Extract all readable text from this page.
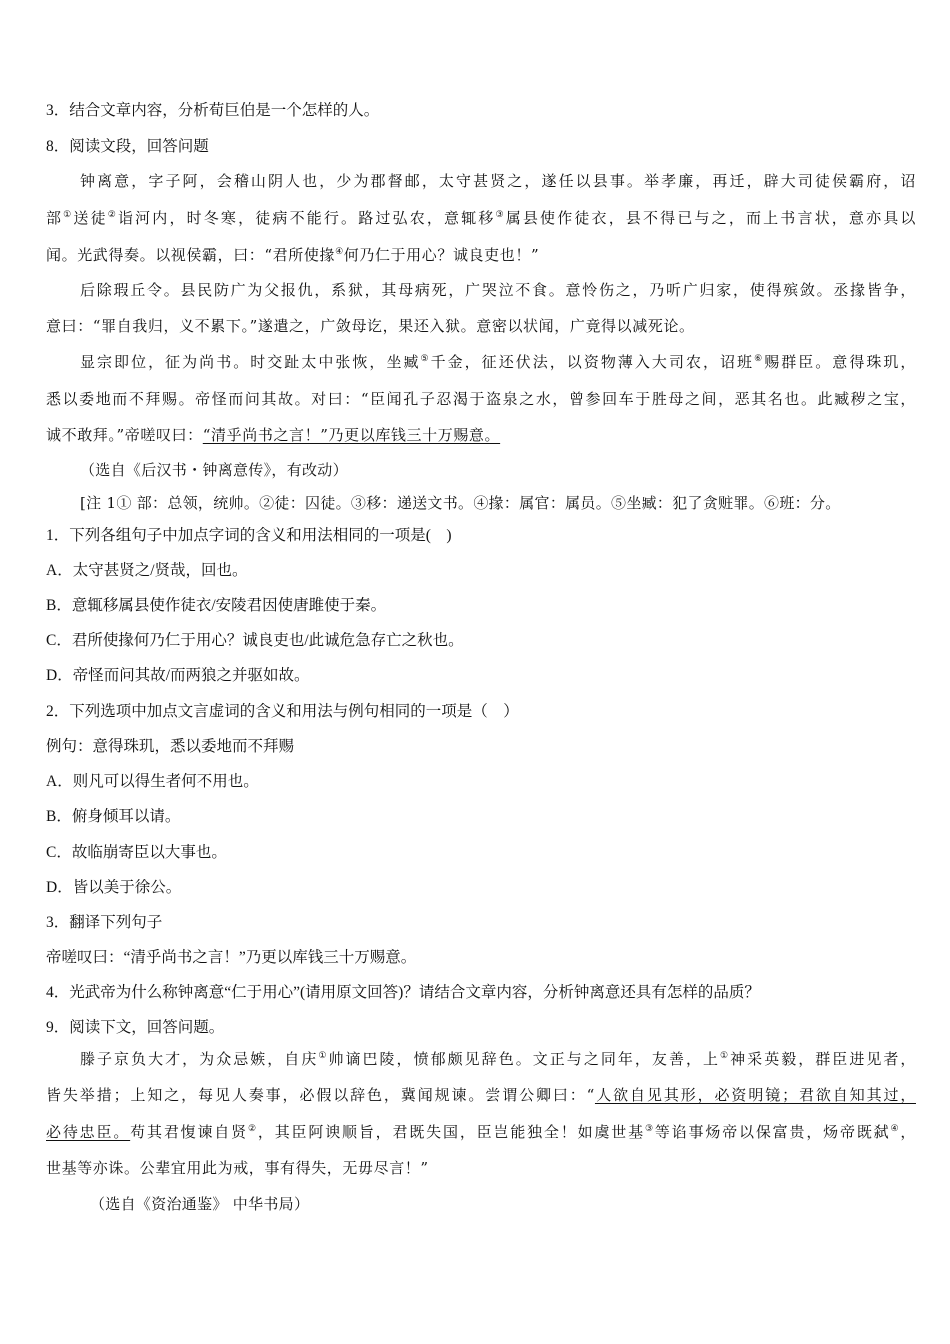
3．结合文章内容，分析荀巨伯是一个怎样的人。
8．阅读文段，回答问题
钟离意，字子阿，会稽山阴人也，少为郡督邮，太守甚贤之，遂任以县事。举孝廉，再迁，辟大司徒侯霸府，诏
部①送徒②诣河内，时冬寒，徒病不能行。路过弘农，意辄移③属县使作徒衣，县不得已与之，而上书言状，意亦具以
闻。光武得奏。以视侯霸，曰：“君所使掾④何乃仁于用心？诚良吏也！”
后除瑕丘令。县民防广为父报仇，系狱，其母病死，广哭泣不食。意怜伤之，乃听广归家，使得殡敛。丞掾皆争，
意曰：“罪自我归，义不累下。”遂遣之，广敛母讫，果还入狱。意密以状闻，广竟得以减死论。
显宗即位，征为尚书。时交趾太中张恢，坐臧⑤千金，征还伏法，以资物薄入大司农，诏班⑥赐群臣。意得珠玑，
悉以委地而不拜赐。帝怪而问其故。对曰：“臣闻孔子忍渴于盗泉之水，曾参回车于胜母之间，恶其名也。此臧秽之宝，
诚不敢拜。”帝嗟叹曰：“清乎尚书之言！”乃更以库钱三十万赐意。
（选自《后汉书・钟离意传》，有改动）
[注 1① 部：总领，统帅。②徒：囚徒。③移：递送文书。④掾：属官：属员。⑤坐臧：犯了贪赃罪。⑥班：分。
1．下列各组句子中加点字词的含义和用法相同的一项是(　)
A．太守甚贤之/贤哉，回也。
B．意辄移属县使作徒衣/安陵君因使唐雎使于秦。
C．君所使掾何乃仁于用心？诚良吏也/此诚危急存亡之秋也。
D．帝怪而问其故/而两狼之并驱如故。
2．下列选项中加点文言虚词的含义和用法与例句相同的一项是（　）
例句：意得珠玑，悉以委地而不拜赐
A．则凡可以得生者何不用也。
B．俯身倾耳以请。
C．故临崩寄臣以大事也。
D．皆以美于徐公。
3．翻译下列句子
帝嗟叹曰：“清乎尚书之言！”乃更以库钱三十万赐意。
4．光武帝为什么称钟离意“仁于用心”(请用原文回答)？请结合文章内容，分析钟离意还具有怎样的品质？
9．阅读下文，回答问题。
滕子京负大才，为众忌嫉，自庆①帅谪巴陵，愤郁颇见辞色。文正与之同年，友善，上①神采英毅，群臣进见者，
皆失举措；上知之，每见人奏事，必假以辞色，冀闻规谏。尝谓公卿曰：“人欲自见其形，必资明镜；君欲自知其过，
必待忠臣。苟其君愎谏自贤②，其臣阿谀顺旨，君既失国，臣岂能独全！如虞世基③等谄事炀帝以保富贵，炀帝既弑④，
世基等亦诛。公辈宜用此为戒，事有得失，无毋尽言！”
（选自《资治通鉴》 中华书局）
